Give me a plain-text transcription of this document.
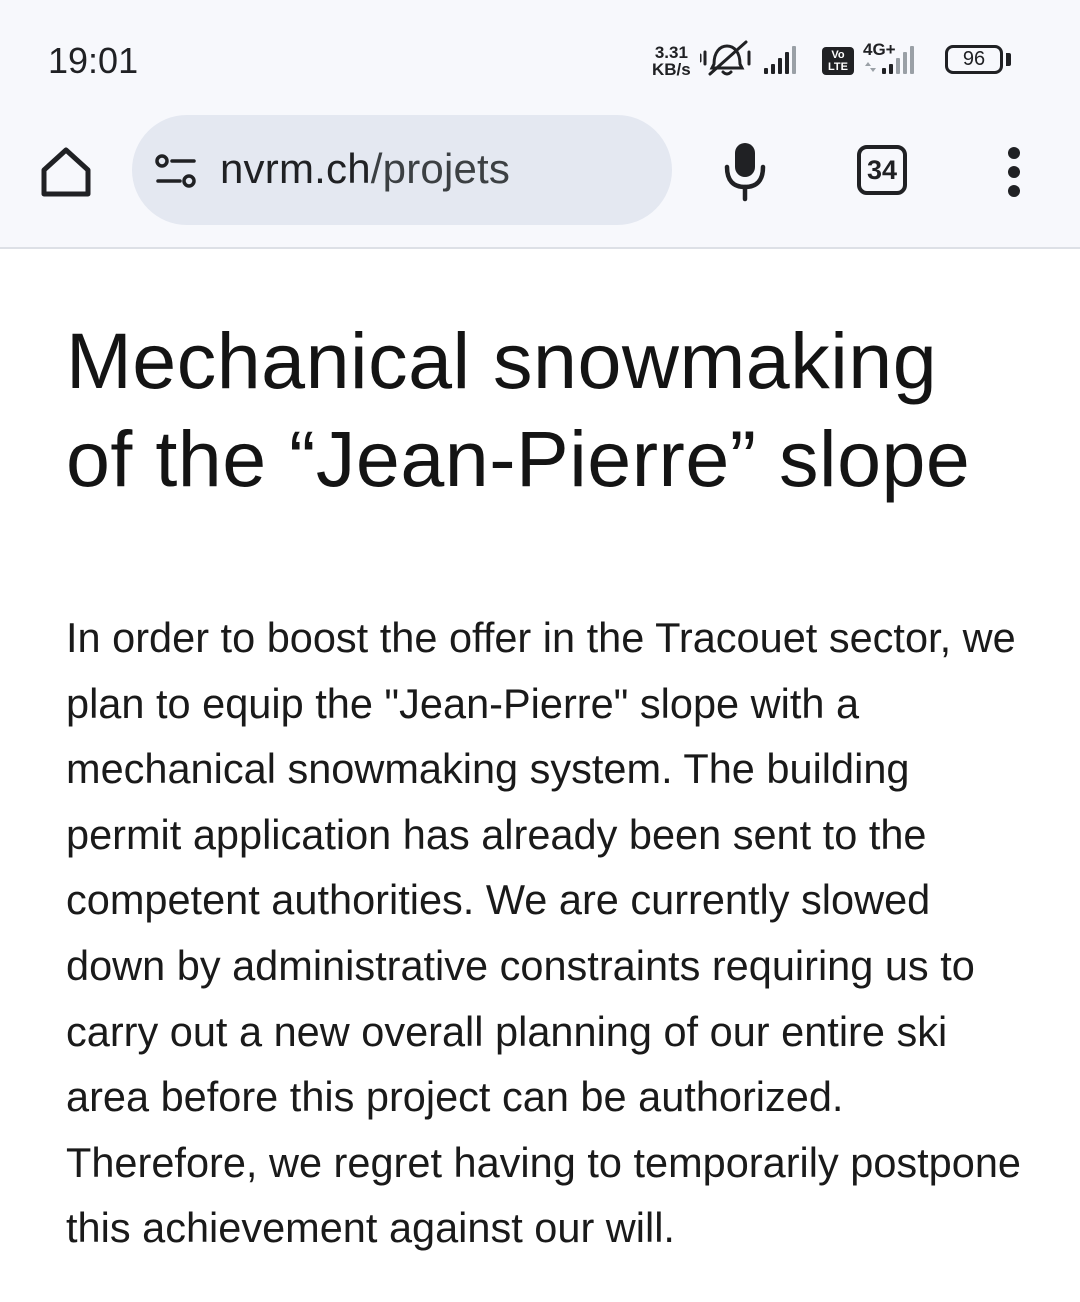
19:01	3.31
KB/s
Vo
LTE
4G+	96
nvrm.ch/projets	34
Mechanical snowmaking of the “Jean-Pierre” slope

In order to boost the offer in the Tracouet sector, we plan to equip the "Jean-Pierre" slope with a mechanical snowmaking system. The building permit application has already been sent to the competent authorities. We are currently slowed down by administrative constraints requiring us to carry out a new overall planning of our entire ski area before this project can be authorized. Therefore, we regret having to temporarily postpone this achievement against our will.
